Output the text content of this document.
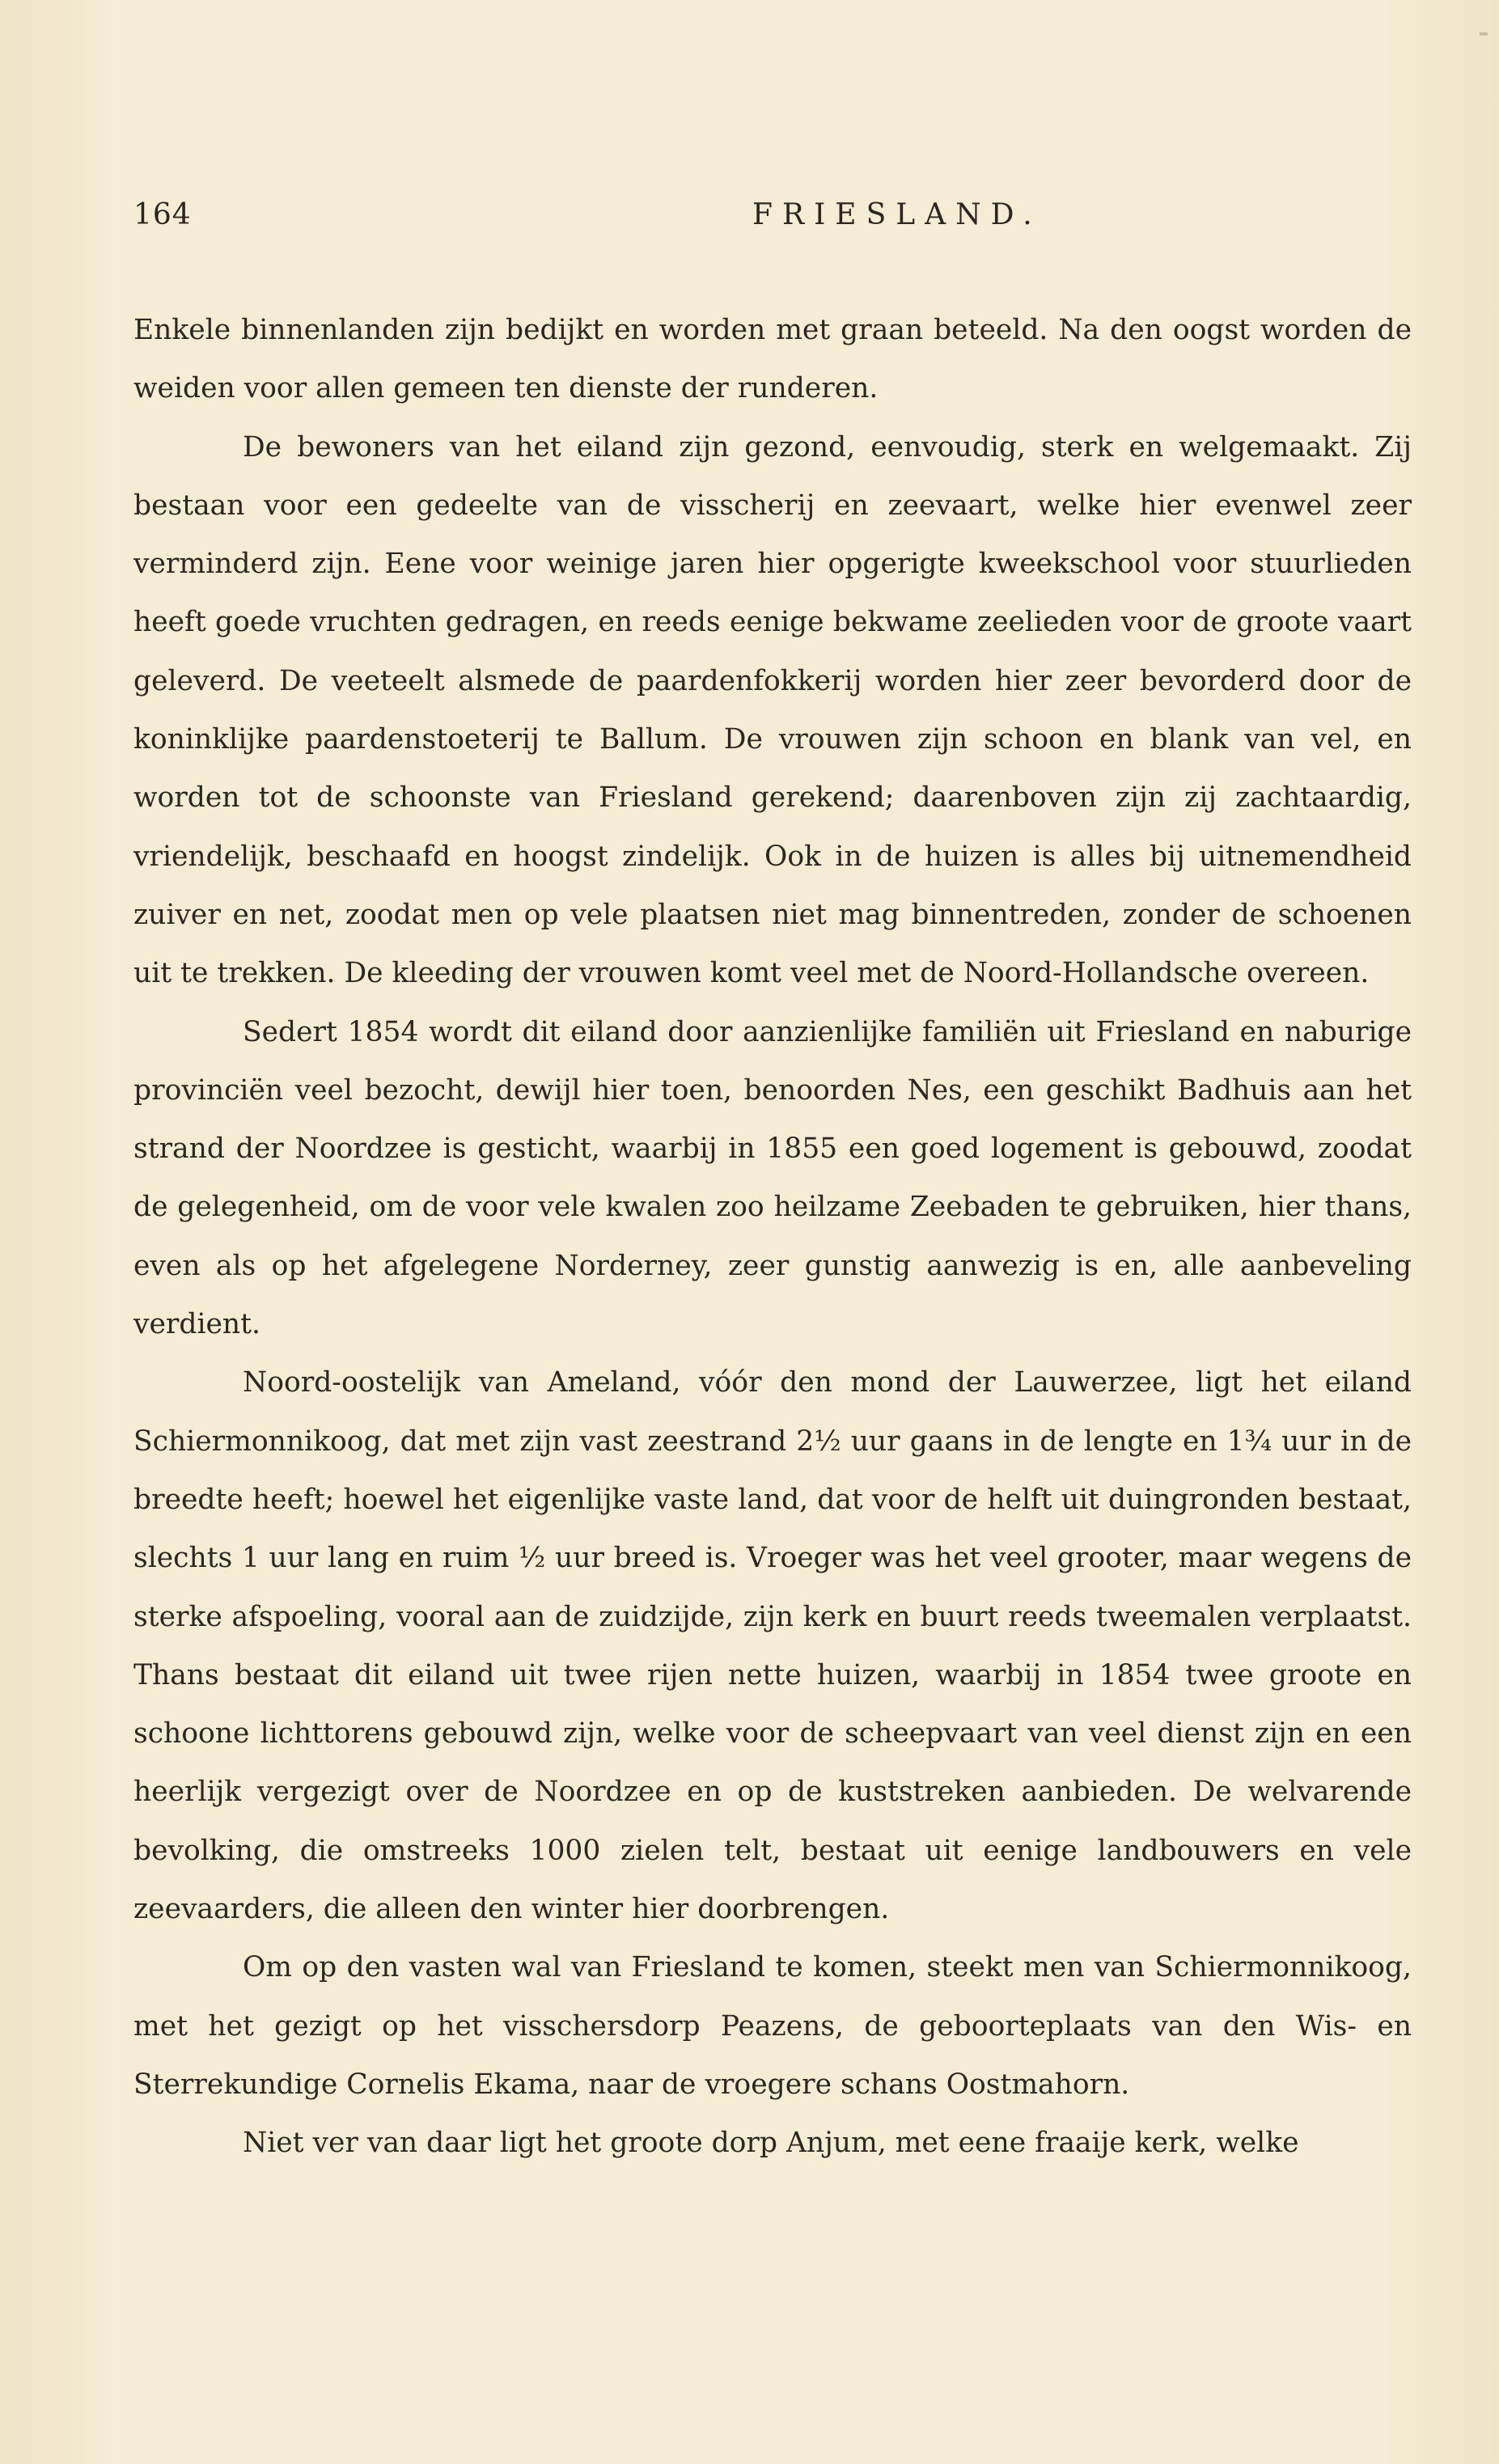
164	FRIESLAND.

Enkele binnenlanden zijn bedijkt en worden met graan beteeld. Na den oogst worden de weiden voor allen gemeen ten dienste der runderen.

De bewoners van het eiland zijn gezond, eenvoudig, sterk en welgemaakt. Zij bestaan voor een gedeelte van de visscherij en zeevaart, welke hier evenwel zeer verminderd zijn. Eene voor weinige jaren hier opgerigte kweekschool voor stuurlieden heeft goede vruchten gedragen, en reeds eenige bekwame zeelieden voor de groote vaart geleverd. De veeteelt alsmede de paardenfokkerij worden hier zeer bevorderd door de koninklijke paardenstoeterij te Ballum. De vrouwen zijn schoon en blank van vel, en worden tot de schoonste van Friesland gerekend; daarenboven zijn zij zachtaardig, vriendelijk, beschaafd en hoogst zindelijk. Ook in de huizen is alles bij uitnemendheid zuiver en net, zoodat men op vele plaatsen niet mag binnentreden, zonder de schoenen uit te trekken. De kleeding der vrouwen komt veel met de Noord-Hollandsche overeen.

Sedert 1854 wordt dit eiland door aanzienlijke familiën uit Friesland en naburige provinciën veel bezocht, dewijl hier toen, benoorden Nes, een geschikt Badhuis aan het strand der Noordzee is gesticht, waarbij in 1855 een goed logement is gebouwd, zoodat de gelegenheid, om de voor vele kwalen zoo heilzame Zeebaden te gebruiken, hier thans, even als op het afgelegene Norderney, zeer gunstig aanwezig is en, alle aanbeveling verdient.

Noord-oostelijk van Ameland, vóór den mond der Lauwerzee, ligt het eiland Schiermonnikoog, dat met zijn vast zeestrand 2½ uur gaans in de lengte en 1¾ uur in de breedte heeft; hoewel het eigenlijke vaste land, dat voor de helft uit duingronden bestaat, slechts 1 uur lang en ruim ½ uur breed is. Vroeger was het veel grooter, maar wegens de sterke afspoeling, vooral aan de zuidzijde, zijn kerk en buurt reeds tweemalen verplaatst. Thans bestaat dit eiland uit twee rijen nette huizen, waarbij in 1854 twee groote en schoone lichttorens gebouwd zijn, welke voor de scheepvaart van veel dienst zijn en een heerlijk vergezigt over de Noordzee en op de kuststreken aanbieden. De welvarende bevolking, die omstreeks 1000 zielen telt, bestaat uit eenige landbouwers en vele zeevaarders, die alleen den winter hier doorbrengen.

Om op den vasten wal van Friesland te komen, steekt men van Schiermonnikoog, met het gezigt op het visschersdorp Peazens, de geboorteplaats van den Wis- en Sterrekundige Cornelis Ekama, naar de vroegere schans Oostmahorn.

Niet ver van daar ligt het groote dorp Anjum, met eene fraaije kerk, welke
